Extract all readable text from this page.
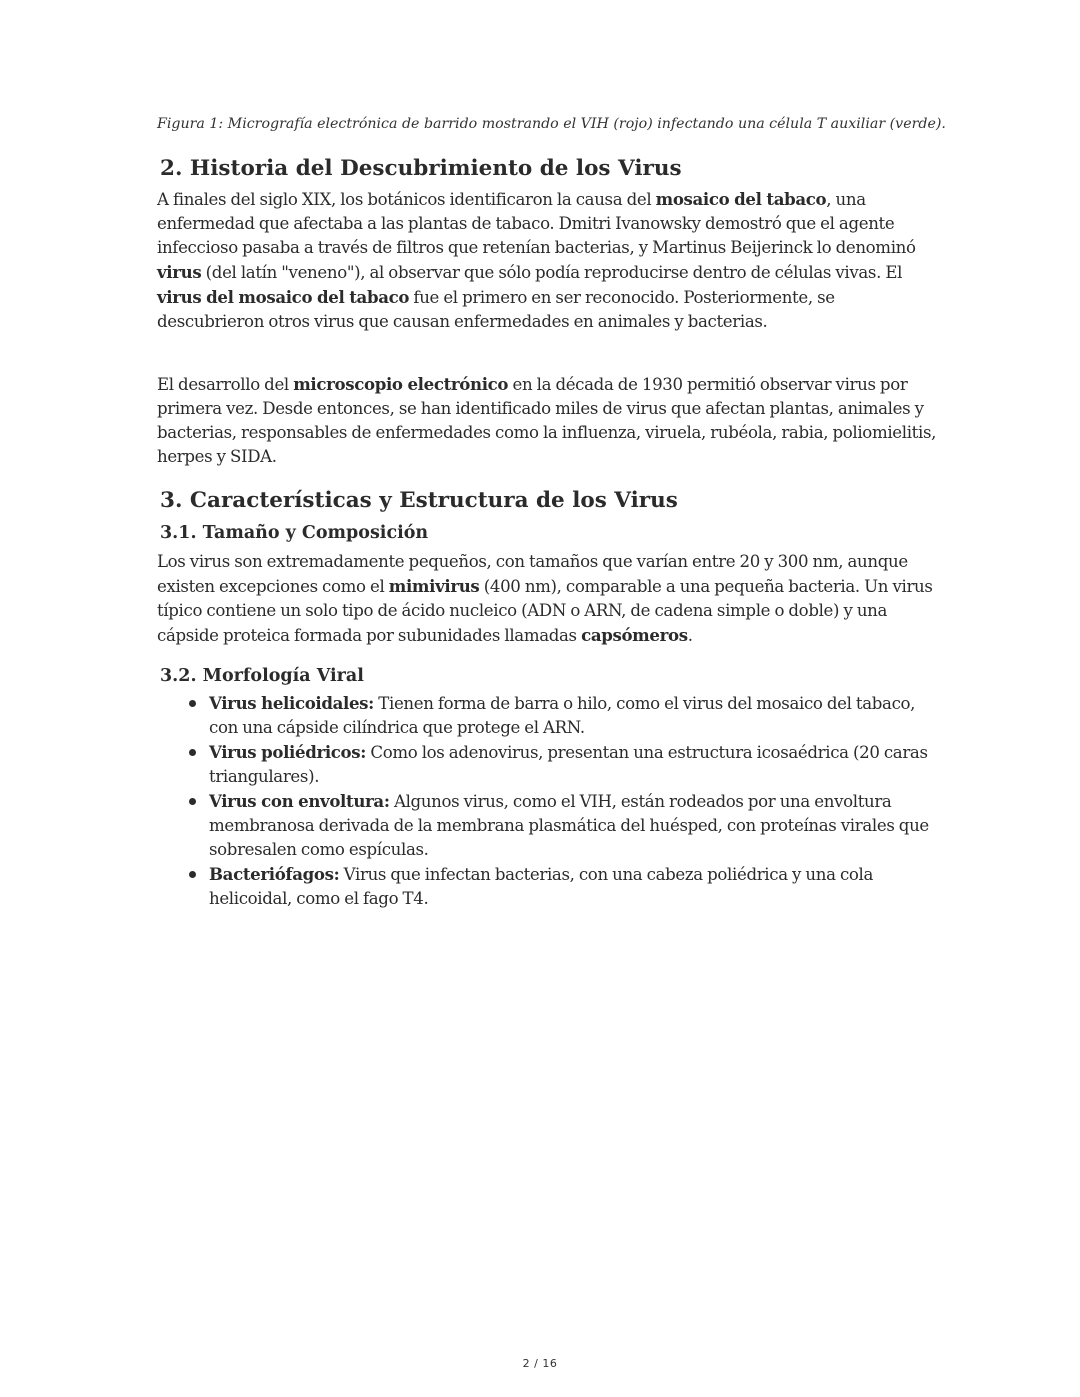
Figura 1: Micrografía electrónica de barrido mostrando el VIH (rojo) infectando una célula T auxiliar (verde).

2. Historia del Descubrimiento de los Virus

A finales del siglo XIX, los botánicos identificaron la causa del mosaico del tabaco, una enfermedad que afectaba a las plantas de tabaco. Dmitri Ivanowsky demostró que el agente infeccioso pasaba a través de filtros que retenían bacterias, y Martinus Beijerinck lo denominó virus (del latín "veneno"), al observar que sólo podía reproducirse dentro de células vivas. El virus del mosaico del tabaco fue el primero en ser reconocido. Posteriormente, se descubrieron otros virus que causan enfermedades en animales y bacterias.

El desarrollo del microscopio electrónico en la década de 1930 permitió observar virus por primera vez. Desde entonces, se han identificado miles de virus que afectan plantas, animales y bacterias, responsables de enfermedades como la influenza, viruela, rubéola, rabia, poliomielitis, herpes y SIDA.

3. Características y Estructura de los Virus
3.1. Tamaño y Composición

Los virus son extremadamente pequeños, con tamaños que varían entre 20 y 300 nm, aunque existen excepciones como el mimivirus (400 nm), comparable a una pequeña bacteria. Un virus típico contiene un solo tipo de ácido nucleico (ADN o ARN, de cadena simple o doble) y una cápside proteica formada por subunidades llamadas capsómeros.

3.2. Morfología Viral
Virus helicoidales: Tienen forma de barra o hilo, como el virus del mosaico del tabaco, con una cápside cilíndrica que protege el ARN.
Virus poliédricos: Como los adenovirus, presentan una estructura icosaédrica (20 caras triangulares).
Virus con envoltura: Algunos virus, como el VIH, están rodeados por una envoltura membranosa derivada de la membrana plasmática del huésped, con proteínas virales que sobresalen como espículas.
Bacteriófagos: Virus que infectan bacterias, con una cabeza poliédrica y una cola helicoidal, como el fago T4.
2 / 16
